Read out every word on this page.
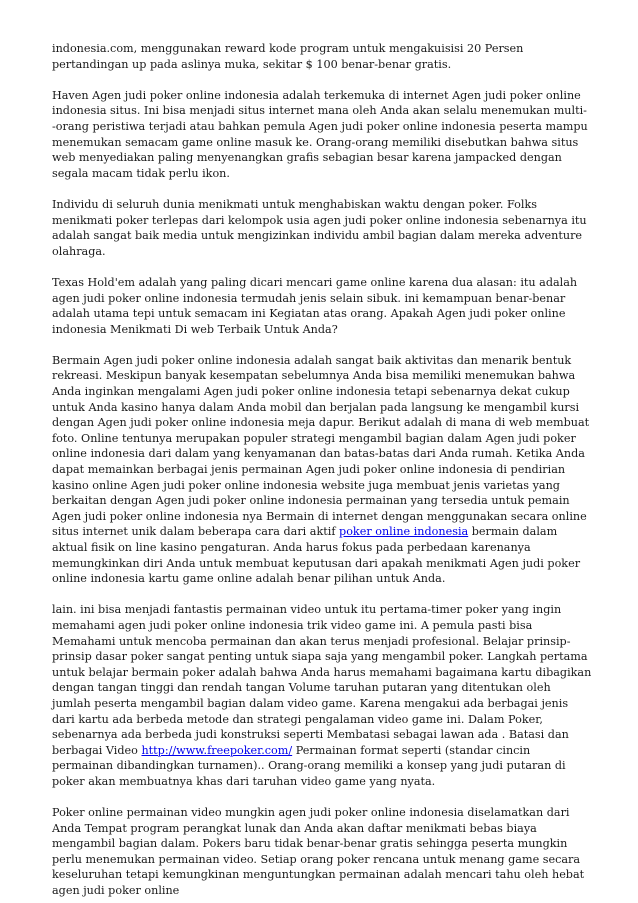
indonesia.com, menggunakan reward kode program untuk mengakuisisi 20 Persen pertandingan up pada aslinya muka, sekitar $ 100 benar-benar gratis.

Haven Agen judi poker online indonesia adalah terkemuka di internet Agen judi poker online indonesia situs. Ini bisa menjadi situs internet mana oleh Anda akan selalu menemukan multi- -orang peristiwa terjadi atau bahkan pemula Agen judi poker online indonesia peserta mampu menemukan semacam game online masuk ke. Orang-orang memiliki disebutkan bahwa situs web menyediakan paling menyenangkan grafis sebagian besar karena jampacked dengan segala macam tidak perlu ikon.

Individu di seluruh dunia menikmati untuk menghabiskan waktu dengan poker. Folks menikmati poker terlepas dari kelompok usia agen judi poker online indonesia sebenarnya itu adalah sangat baik media untuk mengizinkan individu ambil bagian dalam mereka adventure olahraga.

Texas Hold'em adalah yang paling dicari mencari game online karena dua alasan: itu adalah agen judi poker online indonesia termudah jenis selain sibuk. ini kemampuan benar-benar adalah utama tepi untuk semacam ini Kegiatan atas orang. Apakah Agen judi poker online indonesia Menikmati Di web Terbaik Untuk Anda?

Bermain Agen judi poker online indonesia adalah sangat baik aktivitas dan menarik bentuk rekreasi. Meskipun banyak kesempatan sebelumnya Anda bisa memiliki menemukan bahwa Anda inginkan mengalami Agen judi poker online indonesia tetapi sebenarnya dekat cukup untuk Anda kasino hanya dalam Anda mobil dan berjalan pada langsung ke mengambil kursi dengan Agen judi poker online indonesia meja dapur. Berikut adalah di mana di web membuat foto. Online tentunya merupakan populer strategi mengambil bagian dalam Agen judi poker online indonesia dari dalam yang kenyamanan dan batas-batas dari Anda rumah. Ketika Anda dapat memainkan berbagai jenis permainan Agen judi poker online indonesia di pendirian kasino online Agen judi poker online indonesia website juga membuat jenis varietas yang berkaitan dengan Agen judi poker online indonesia permainan yang tersedia untuk pemain Agen judi poker online indonesia nya Bermain di internet dengan menggunakan secara online situs internet unik dalam beberapa cara dari aktif poker online indonesia bermain dalam aktual fisik on line kasino pengaturan. Anda harus fokus pada perbedaan karenanya memungkinkan diri Anda untuk membuat keputusan dari apakah menikmati Agen judi poker online indonesia kartu game online adalah benar pilihan untuk Anda.

lain. ini bisa menjadi fantastis permainan video untuk itu pertama-timer poker yang ingin memahami agen judi poker online indonesia trik video game ini. A pemula pasti bisa Memahami untuk mencoba permainan dan akan terus menjadi profesional. Belajar prinsip-prinsip dasar poker sangat penting untuk siapa saja yang mengambil poker. Langkah pertama untuk belajar bermain poker adalah bahwa Anda harus memahami bagaimana kartu dibagikan dengan tangan tinggi dan rendah tangan Volume taruhan putaran yang ditentukan oleh jumlah peserta mengambil bagian dalam video game. Karena mengakui ada berbagai jenis dari kartu ada berbeda metode dan strategi pengalaman video game ini. Dalam Poker, sebenarnya ada berbeda judi konstruksi seperti Membatasi sebagai lawan ada . Batasi dan berbagai Video http://www.freepoker.com/ Permainan format seperti (standar cincin permainan dibandingkan turnamen).. Orang-orang memiliki a konsep yang judi putaran di poker akan membuatnya khas dari taruhan video game yang nyata.

Poker online permainan video mungkin agen judi poker online indonesia diselamatkan dari Anda Tempat program perangkat lunak dan Anda akan daftar menikmati bebas biaya mengambil bagian dalam. Pokers baru tidak benar-benar gratis sehingga peserta mungkin perlu menemukan permainan video. Setiap orang poker rencana untuk menang game secara keseluruhan tetapi kemungkinan menguntungkan permainan adalah mencari tahu oleh hebat agen judi poker online
